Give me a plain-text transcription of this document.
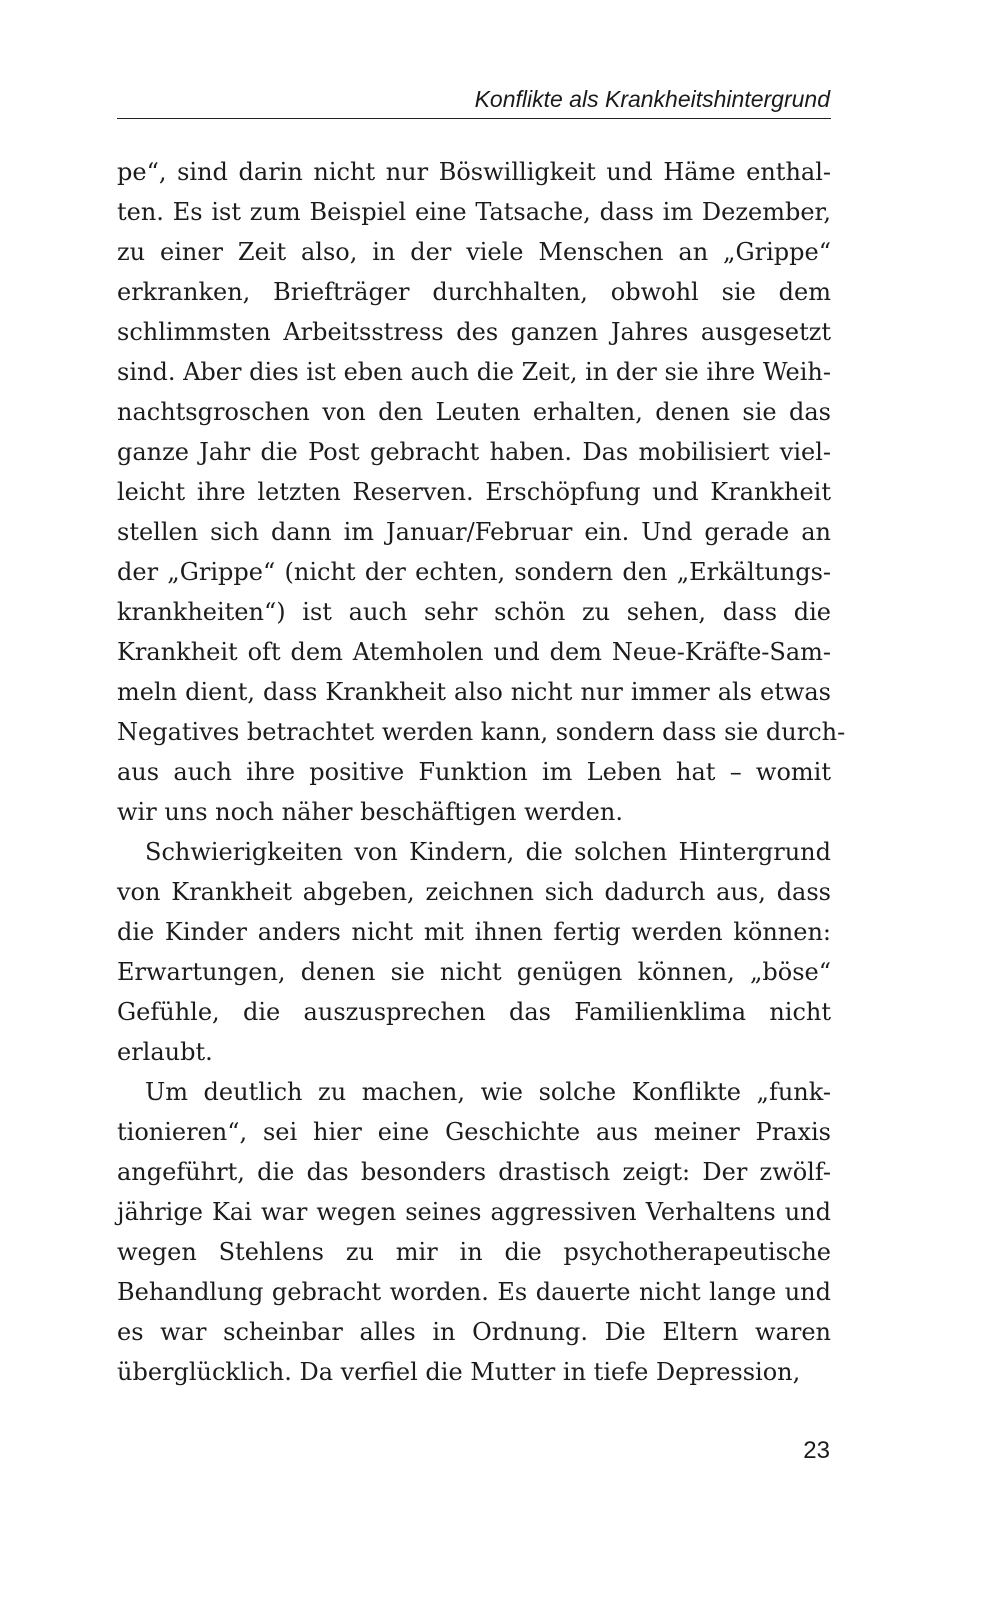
Konflikte als Krankheitshintergrund

pe“, sind darin nicht nur Böswilligkeit und Häme enthal-
ten. Es ist zum Beispiel eine Tatsache, dass im Dezember,
zu einer Zeit also, in der viele Menschen an „Grippe“
erkranken, Briefträger durchhalten, obwohl sie dem
schlimmsten Arbeitsstress des ganzen Jahres ausgesetzt
sind. Aber dies ist eben auch die Zeit, in der sie ihre Weih-
nachtsgroschen von den Leuten erhalten, denen sie das
ganze Jahr die Post gebracht haben. Das mobilisiert viel-
leicht ihre letzten Reserven. Erschöpfung und Krankheit
stellen sich dann im Januar/Februar ein. Und gerade an
der „Grippe“ (nicht der echten, sondern den „Erkältungs-
krankheiten“) ist auch sehr schön zu sehen, dass die
Krankheit oft dem Atemholen und dem Neue-Kräfte-Sam-
meln dient, dass Krankheit also nicht nur immer als etwas
Negatives betrachtet werden kann, sondern dass sie durch-
aus auch ihre positive Funktion im Leben hat – womit
wir uns noch näher beschäftigen werden.

Schwierigkeiten von Kindern, die solchen Hintergrund
von Krankheit abgeben, zeichnen sich dadurch aus, dass
die Kinder anders nicht mit ihnen fertig werden können:
Erwartungen, denen sie nicht genügen können, „böse“
Gefühle, die auszusprechen das Familienklima nicht
erlaubt.

Um deutlich zu machen, wie solche Konflikte „funk-
tionieren“, sei hier eine Geschichte aus meiner Praxis
angeführt, die das besonders drastisch zeigt: Der zwölf-
jährige Kai war wegen seines aggressiven Verhaltens und
wegen Stehlens zu mir in die psychotherapeutische
Behandlung gebracht worden. Es dauerte nicht lange und
es war scheinbar alles in Ordnung. Die Eltern waren
überglücklich. Da verfiel die Mutter in tiefe Depression,

23
